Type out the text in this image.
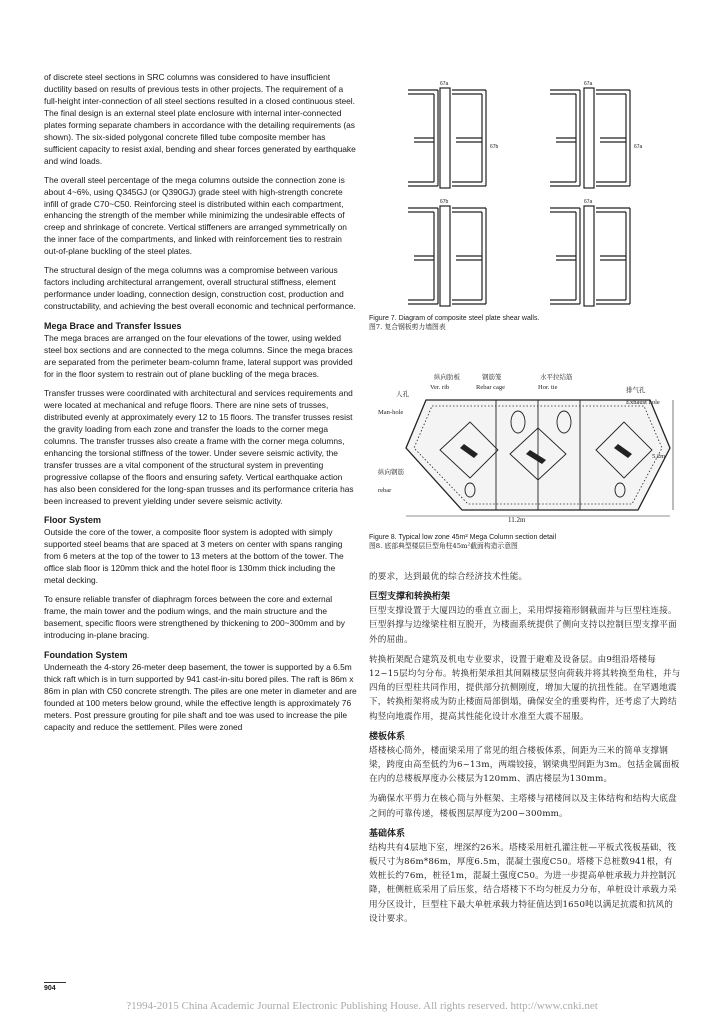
of discrete steel sections in SRC columns was considered to have insufficient ductility based on results of previous tests in other projects. The requirement of a full-height inter-connection of all steel sections resulted in a closed continuous steel. The final design is an external steel plate enclosure with internal inter-connected plates forming separate chambers in accordance with the detailing requirements (as shown). The six-sided polygonal concrete filled tube composite member has sufficient capacity to resist axial, bending and shear forces generated by earthquake and wind loads.

The overall steel percentage of the mega columns outside the connection zone is about 4~6%, using Q345GJ (or Q390GJ) grade steel with high-strength concrete infill of grade C70~C50. Reinforcing steel is distributed within each compartment, enhancing the strength of the member while minimizing the undesirable effects of creep and shrinkage of concrete. Vertical stiffeners are arranged symmetrically on the inner face of the compartments, and linked with reinforcement ties to restrain out-of-plane buckling of the steel plates.

The structural design of the mega columns was a compromise between various factors including architectural arrangement, overall structural stiffness, element performance under loading, connection design, construction cost, production and constructability, and achieving the best overall economic and technical performance.

Mega Brace and Transfer Issues

The mega braces are arranged on the four elevations of the tower, using welded steel box sections and are connected to the mega columns. Since the mega braces are separated from the perimeter beam-column frame, lateral support was provided for in the floor system to restrain out of plane buckling of the mega braces.

Transfer trusses were coordinated with architectural and services requirements and were located at mechanical and refuge floors. There are nine sets of trusses, distributed evenly at approximately every 12 to 15 floors. The transfer trusses resist the gravity loading from each zone and transfer the loads to the corner mega columns. The transfer trusses also create a frame with the corner mega columns, enhancing the torsional stiffness of the tower. Under severe seismic activity, the transfer trusses are a vital component of the structural system in preventing progressive collapse of the floors and ensuring safety. Vertical earthquake action has also been considered for the long-span trusses and its performance criteria has been increased to prevent yielding under severe seismic activity.

Floor System

Outside the core of the tower, a composite floor system is adopted with simply supported steel beams that are spaced at 3 meters on center with spans ranging from 6 meters at the top of the tower to 13 meters at the bottom of the tower. The office slab floor is 120mm thick and the hotel floor is 130mm thick including the metal decking.

To ensure reliable transfer of diaphragm forces between the core and external frame, the main tower and the podium wings, and the main structure and the basement, specific floors were strengthened by thickening to 200~300mm and by introducing in-plane bracing.

Foundation System

Underneath the 4-story 26-meter deep basement, the tower is supported by a 6.5m thick raft which is in turn supported by 941 cast-in-situ bored piles. The raft is 86m x 86m in plan with C50 concrete strength. The piles are one meter in diameter and are founded at 100 meters below ground, while the effective length is approximately 76 meters. Post pressure grouting for pile shaft and toe was used to increase the pile capacity and reduce the settlement. Piles were zoned

67a	67a
67b	67a
67b	67a

Figure 7. Diagram of composite steel plate shear walls.

图7. 复合钢板剪力墙图表

纵向肋板
Ver. rib
钢筋笼
Rebar cage
水平拉结筋
Hor. tie
人孔
Man-hole
排气孔
Exhaust hole
纵向钢筋
rebar
5.2m
11.2m

Figure 8. Typical low zone 45m² Mega Column section detail

图8. 底部典型楼层巨型角柱45m²截面构造示意图

的要求，达到最优的综合经济技术性能。

巨型支撑和转换桁架

巨型支撑设置于大厦四边的垂直立面上，采用焊接箱形钢截面并与巨型柱连接。巨型斜撑与边缘梁柱相互脱开，为楼面系统提供了侧向支持以控制巨型支撑平面外的屈曲。

转换桁架配合建筑及机电专业要求，设置于避难及设备层。由9组沿塔楼每12~15层均匀分布。转换桁架承担其间隔楼层竖向荷载并将其转换至角柱，并与四角的巨型柱共同作用，提供部分抗侧刚度，增加大厦的抗扭性能。在罕遇地震下，转换桁架将成为防止楼面局部倒塌，确保安全的重要构件，还考虑了大跨结构竖向地震作用，提高其性能化设计水准至大震不屈服。

楼板体系

塔楼核心筒外，楼面梁采用了常见的组合楼板体系，间距为三米的简单支撑钢梁，跨度由高至低约为6~13m，两端铰接，钢梁典型间距为3m。包括金属面板在内的总楼板厚度办公楼层为120mm、酒店楼层为130mm。

为确保水平剪力在核心筒与外框架、主塔楼与裙楼间以及主体结构和结构大底盘之间的可靠传递，楼板图层厚度为200~300mm。

基础体系

结构共有4层地下室，埋深约26米。塔楼采用桩孔灌注桩—平板式筏板基础，筏板尺寸为86m*86m，厚度6.5m，混凝土强度C50。塔楼下总桩数941根，有效桩长约76m，桩径1m，混凝土强度C50。为进一步提高单桩承载力并控制沉降，桩侧桩底采用了后压浆，结合塔楼下不均匀桩反力分布，单桩设计承载力采用分区设计，巨型柱下最大单桩承载力特征值达到1650吨以满足抗震和抗风的设计要求。

904
?1994-2015 China Academic Journal Electronic Publishing House. All rights reserved. http://www.cnki.net
